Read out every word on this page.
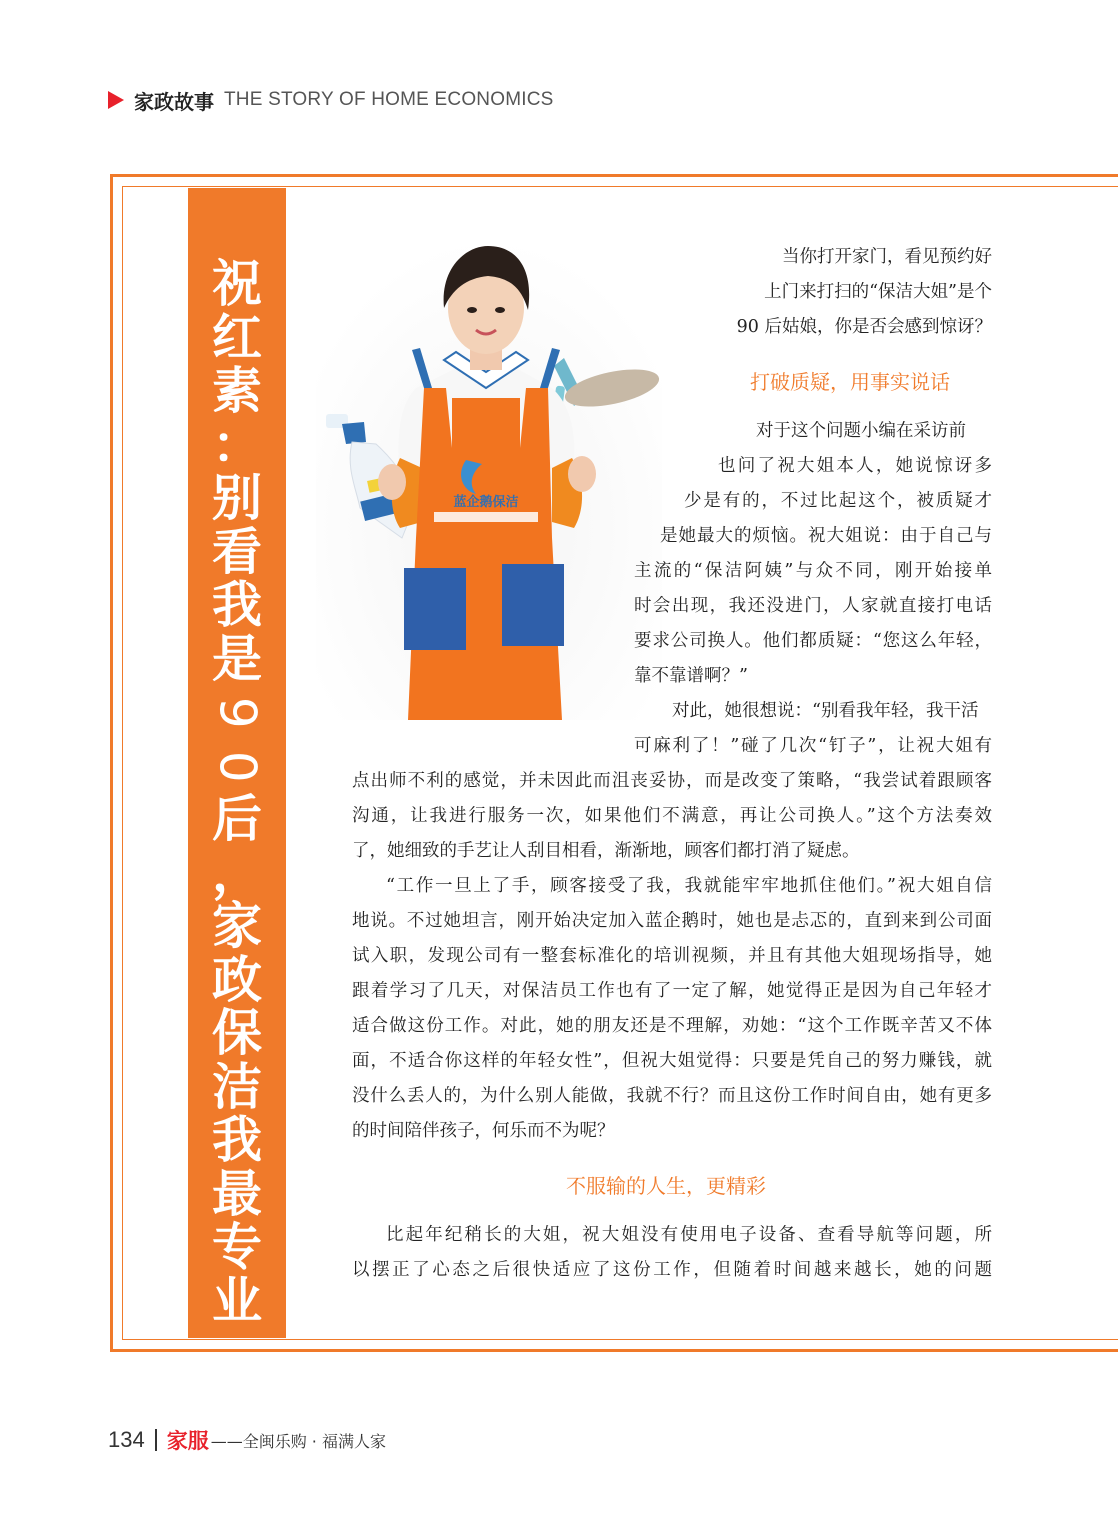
家政故事 THE STORY OF HOME ECONOMICS
祝
红
素
：
别
看
我
是
9
0
后
，
家
政
保
洁
我
最
专
业
蓝企鹅保洁
当你打开家门，看见预约好
上门来打扫的“保洁大姐”是个
90 后姑娘，你是否会感到惊讶？
打破质疑，用事实说话
对于这个问题小编在采访前
也问了祝大姐本人，她说惊讶多
少是有的，不过比起这个，被质疑才
是她最大的烦恼。祝大姐说：由于自己与
主流的“保洁阿姨”与众不同，刚开始接单
时会出现，我还没进门，人家就直接打电话
要求公司换人。他们都质疑：“您这么年轻，
靠不靠谱啊？”
对此，她很想说：“别看我年轻，我干活
可麻利了！”碰了几次“钉子”，让祝大姐有
点出师不利的感觉，并未因此而沮丧妥协，而是改变了策略，“我尝试着跟顾客
沟通，让我进行服务一次，如果他们不满意，再让公司换人。”这个方法奏效
了，她细致的手艺让人刮目相看，渐渐地，顾客们都打消了疑虑。
“工作一旦上了手，顾客接受了我，我就能牢牢地抓住他们。”祝大姐自信
地说。不过她坦言，刚开始决定加入蓝企鹅时，她也是忐忑的，直到来到公司面
试入职，发现公司有一整套标准化的培训视频，并且有其他大姐现场指导，她
跟着学习了几天，对保洁员工作也有了一定了解，她觉得正是因为自己年轻才
适合做这份工作。对此，她的朋友还是不理解，劝她：“这个工作既辛苦又不体
面，不适合你这样的年轻女性”，但祝大姐觉得：只要是凭自己的努力赚钱，就
没什么丢人的，为什么别人能做，我就不行？而且这份工作时间自由，她有更多
的时间陪伴孩子，何乐而不为呢？
不服输的人生，更精彩
比起年纪稍长的大姐，祝大姐没有使用电子设备、查看导航等问题，所
以摆正了心态之后很快适应了这份工作，但随着时间越来越长，她的问题
134 家服 ——全闽乐购 · 福满人家
